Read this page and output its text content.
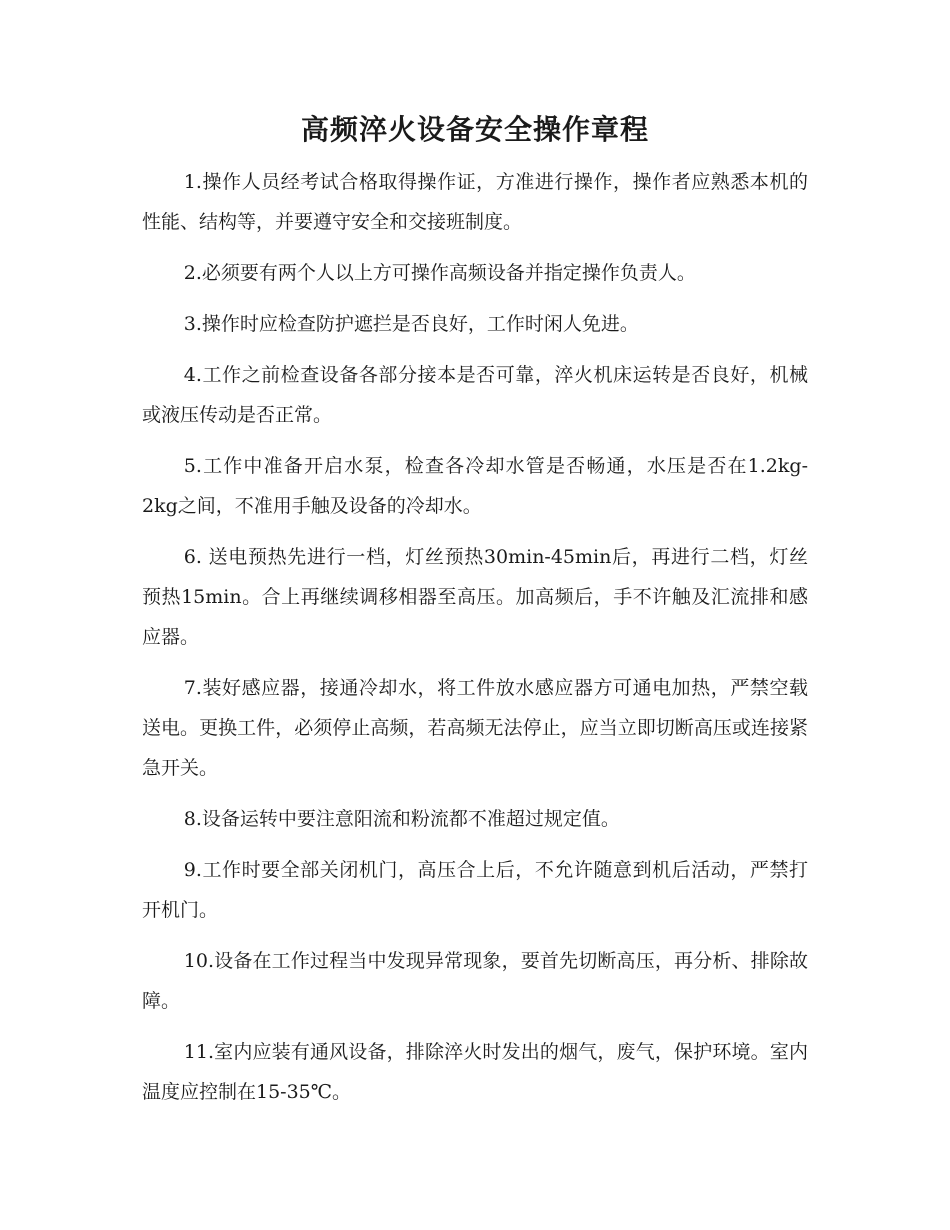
高频淬火设备安全操作章程

1.操作人员经考试合格取得操作证，方准进行操作，操作者应熟悉本机的性能、结构等，并要遵守安全和交接班制度。

2.必须要有两个人以上方可操作高频设备并指定操作负责人。

3.操作时应检查防护遮拦是否良好，工作时闲人免进。

4.工作之前检查设备各部分接本是否可靠，淬火机床运转是否良好，机械或液压传动是否正常。

5.工作中准备开启水泵，检查各冷却水管是否畅通，水压是否在1.2kg-2kg之间，不准用手触及设备的冷却水。

6. 送电预热先进行一档，灯丝预热30min-45min后，再进行二档，灯丝预热15min。合上再继续调移相器至高压。加高频后，手不许触及汇流排和感应器。

7.装好感应器，接通冷却水，将工件放水感应器方可通电加热，严禁空载送电。更换工件，必须停止高频，若高频无法停止，应当立即切断高压或连接紧急开关。

8.设备运转中要注意阳流和粉流都不准超过规定值。

9.工作时要全部关闭机门，高压合上后，不允许随意到机后活动，严禁打开机门。

10.设备在工作过程当中发现异常现象，要首先切断高压，再分析、排除故障。

11.室内应装有通风设备，排除淬火时发出的烟气，废气，保护环境。室内温度应控制在15-35℃。
